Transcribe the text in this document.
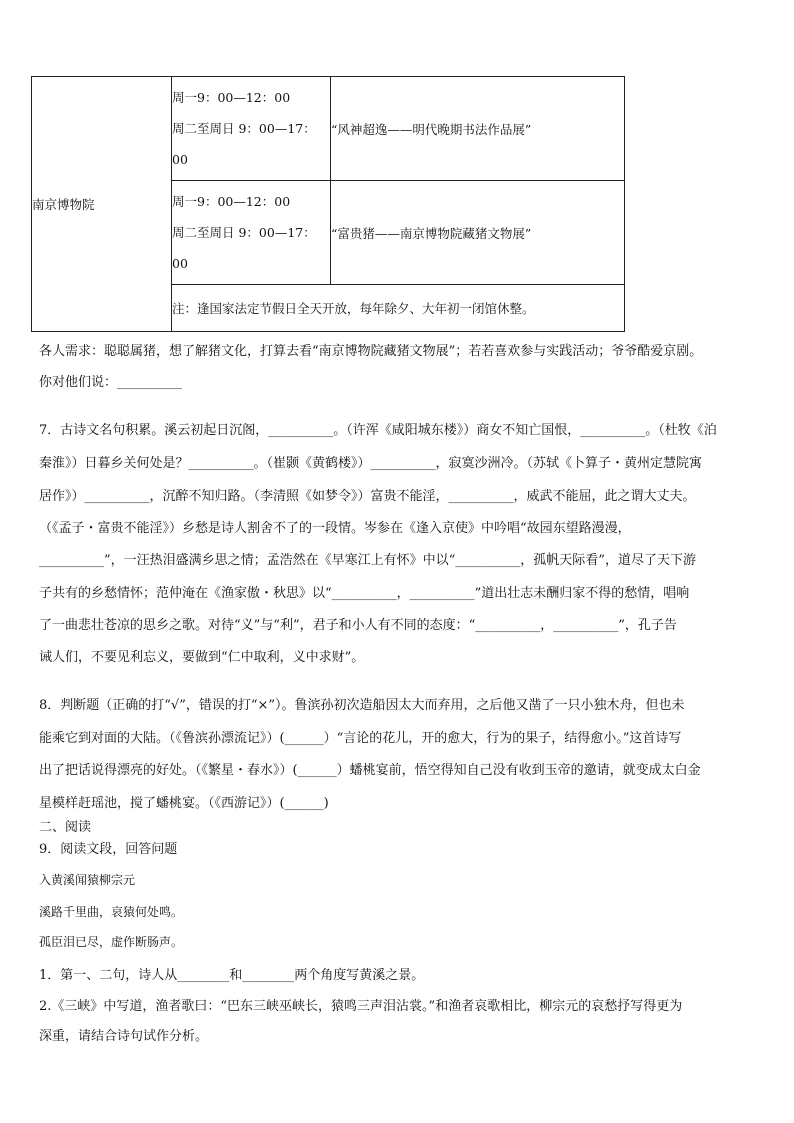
南京博物院	周一9：00—12：00
周二至周日 9：00—17：
00	“风神超逸——明代晚期书法作品展”

	周一9：00—12：00
周二至周日 9：00—17：
00	“富贵猪——南京博物院藏猪文物展”
	注：逢国家法定节假日全天开放，每年除夕、大年初一闭馆休整。	
各人需求：聪聪属猪，想了解猪文化，打算去看“南京博物院藏猪文物展”；若若喜欢参与实践活动；爷爷酷爱京剧。
你对他们说：__________
7．古诗文名句积累。溪云初起日沉阁，__________。（许浑《咸阳城东楼》）商女不知亡国恨，__________。（杜牧《泊
秦淮》）日暮乡关何处是？__________。（崔颢《黄鹤楼》）__________，寂寞沙洲冷。（苏轼《卜算子・黄州定慧院寓
居作》）__________，沉醉不知归路。（李清照《如梦令》）富贵不能淫，__________，威武不能屈，此之谓大丈夫。
（《孟子・富贵不能淫》）乡愁是诗人割舍不了的一段情。岑参在《逢入京使》中吟唱“故园东望路漫漫，
__________”，一汪热泪盛满乡思之情；孟浩然在《早寒江上有怀》中以“__________，孤帆天际看”，道尽了天下游
子共有的乡愁情怀；范仲淹在《渔家傲・秋思》以“__________，__________”道出壮志未酬归家不得的愁情，唱响
了一曲悲壮苍凉的思乡之歌。对待“义”与“利”，君子和小人有不同的态度：“__________，__________”，孔子告
诫人们，不要见利忘义，要做到“仁中取利，义中求财”。
8．判断题（正确的打“√”，错误的打“×”）。鲁滨孙初次造船因太大而弃用，之后他又凿了一只小独木舟，但也未
能乘它到对面的大陆。（《鲁滨孙漂流记》）(______）“言论的花儿，开的愈大，行为的果子，结得愈小。”这首诗写
出了把话说得漂亮的好处。（《繁星・春水》）(______）蟠桃宴前，悟空得知自己没有收到玉帝的邀请，就变成太白金
星模样赶瑶池，搅了蟠桃宴。（《西游记》）(______)
二、阅读
9．阅读文段，回答问题
入黄溪闻猿柳宗元
溪路千里曲，哀猿何处鸣。
孤臣泪已尽，虚作断肠声。
1．第一、二句，诗人从________和________两个角度写黄溪之景。
2.《三峡》中写道，渔者歌曰：“巴东三峡巫峡长，猿鸣三声泪沾裳。”和渔者哀歌相比，柳宗元的哀愁抒写得更为
深重，请结合诗句试作分析。
